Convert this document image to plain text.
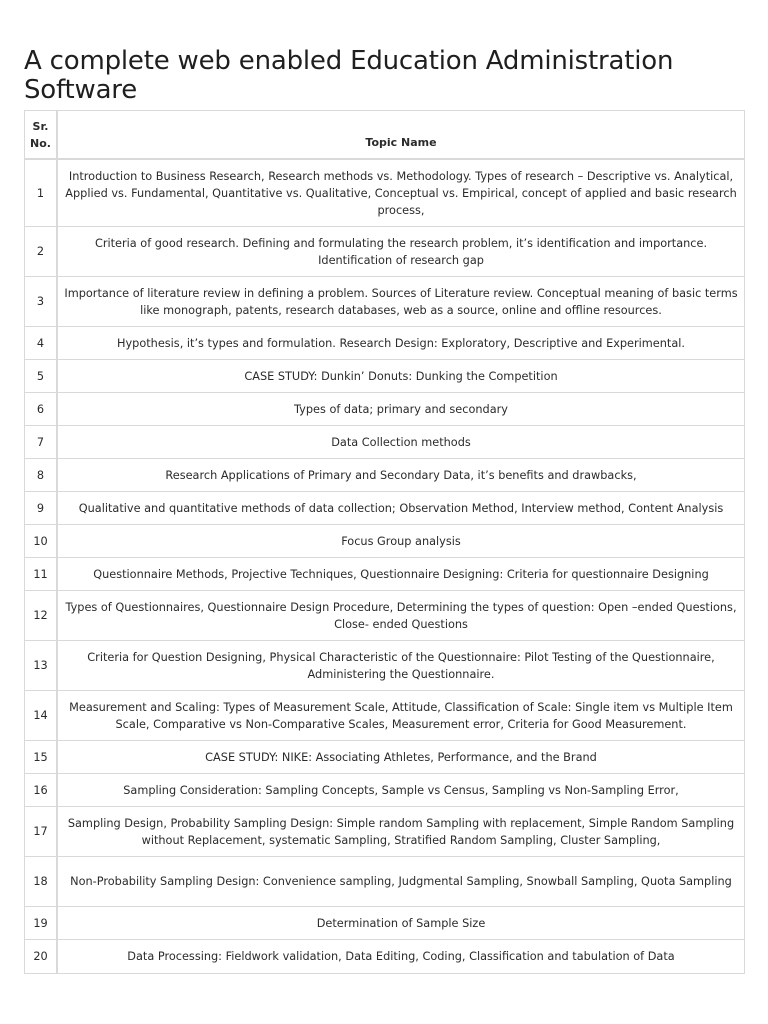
A complete web enabled Education Administration Software
Sr. No.	Topic Name
1	Introduction to Business Research, Research methods vs. Methodology. Types of research – Descriptive vs. Analytical, Applied vs. Fundamental, Quantitative vs. Qualitative, Conceptual vs. Empirical, concept of applied and basic research process,
2	Criteria of good research. Defining and formulating the research problem, it’s identification and importance. Identification of research gap
3	Importance of literature review in defining a problem. Sources of Literature review. Conceptual meaning of basic terms like monograph, patents, research databases, web as a source, online and offline resources.
4	Hypothesis, it’s types and formulation. Research Design: Exploratory, Descriptive and Experimental.
5	CASE STUDY: Dunkin’ Donuts: Dunking the Competition
6	Types of data; primary and secondary
7	Data Collection methods
8	Research Applications of Primary and Secondary Data, it’s benefits and drawbacks,
9	Qualitative and quantitative methods of data collection; Observation Method, Interview method, Content Analysis
10	Focus Group analysis
11	Questionnaire Methods, Projective Techniques, Questionnaire Designing: Criteria for questionnaire Designing
12	Types of Questionnaires, Questionnaire Design Procedure, Determining the types of question: Open –ended Questions, Close- ended Questions
13	Criteria for Question Designing, Physical Characteristic of the Questionnaire: Pilot Testing of the Questionnaire, Administering the Questionnaire.
14	Measurement and Scaling: Types of Measurement Scale, Attitude, Classification of Scale: Single item vs Multiple Item Scale, Comparative vs Non-Comparative Scales, Measurement error, Criteria for Good Measurement.
15	CASE STUDY: NIKE: Associating Athletes, Performance, and the Brand
16	Sampling Consideration: Sampling Concepts, Sample vs Census, Sampling vs Non-Sampling Error,
17	Sampling Design, Probability Sampling Design: Simple random Sampling with replacement, Simple Random Sampling without Replacement, systematic Sampling, Stratified Random Sampling, Cluster Sampling,
18	Non-Probability Sampling Design: Convenience sampling, Judgmental Sampling, Snowball Sampling, Quota Sampling
19	Determination of Sample Size
20	Data Processing: Fieldwork validation, Data Editing, Coding, Classification and tabulation of Data
